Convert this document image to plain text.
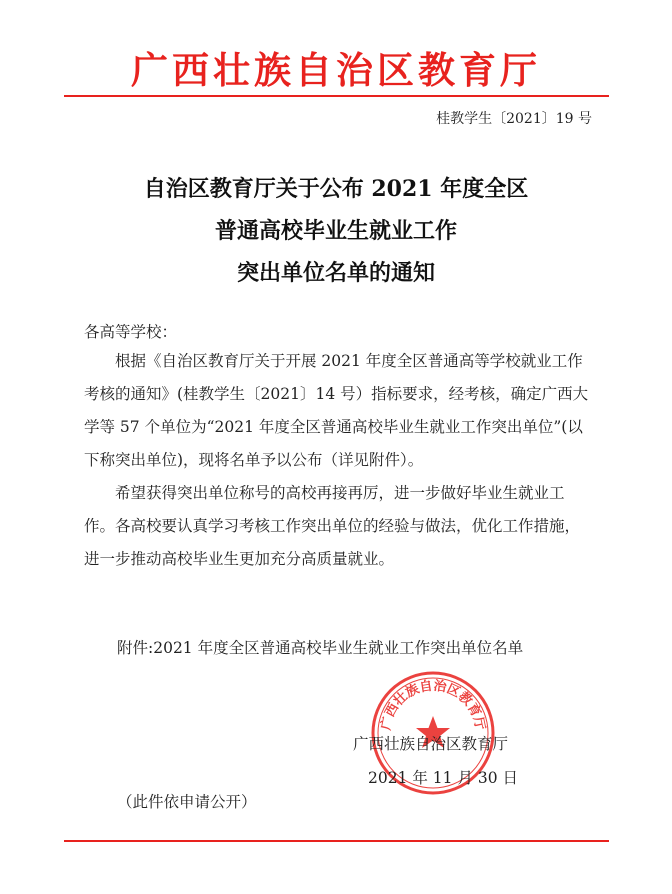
广西壮族自治区教育厅
桂教学生〔2021〕19 号
自治区教育厅关于公布 2021 年度全区
普通高校毕业生就业工作
突出单位名单的通知
各高等学校：

根据《自治区教育厅关于开展 2021 年度全区普通高等学校就业工作考核的通知》(桂教学生〔2021〕14 号）指标要求，经考核，确定广西大学等 57 个单位为“2021 年度全区普通高校毕业生就业工作突出单位”(以下称突出单位)，现将名单予以公布（详见附件）。

希望获得突出单位称号的高校再接再厉，进一步做好毕业生就业工作。各高校要认真学习考核工作突出单位的经验与做法，优化工作措施，进一步推动高校毕业生更加充分高质量就业。

附件:2021 年度全区普通高校毕业生就业工作突出单位名单
广西壮族自治区教育厅
广西壮族自治区教育厅
2021 年 11 月 30 日
（此件依申请公开）
